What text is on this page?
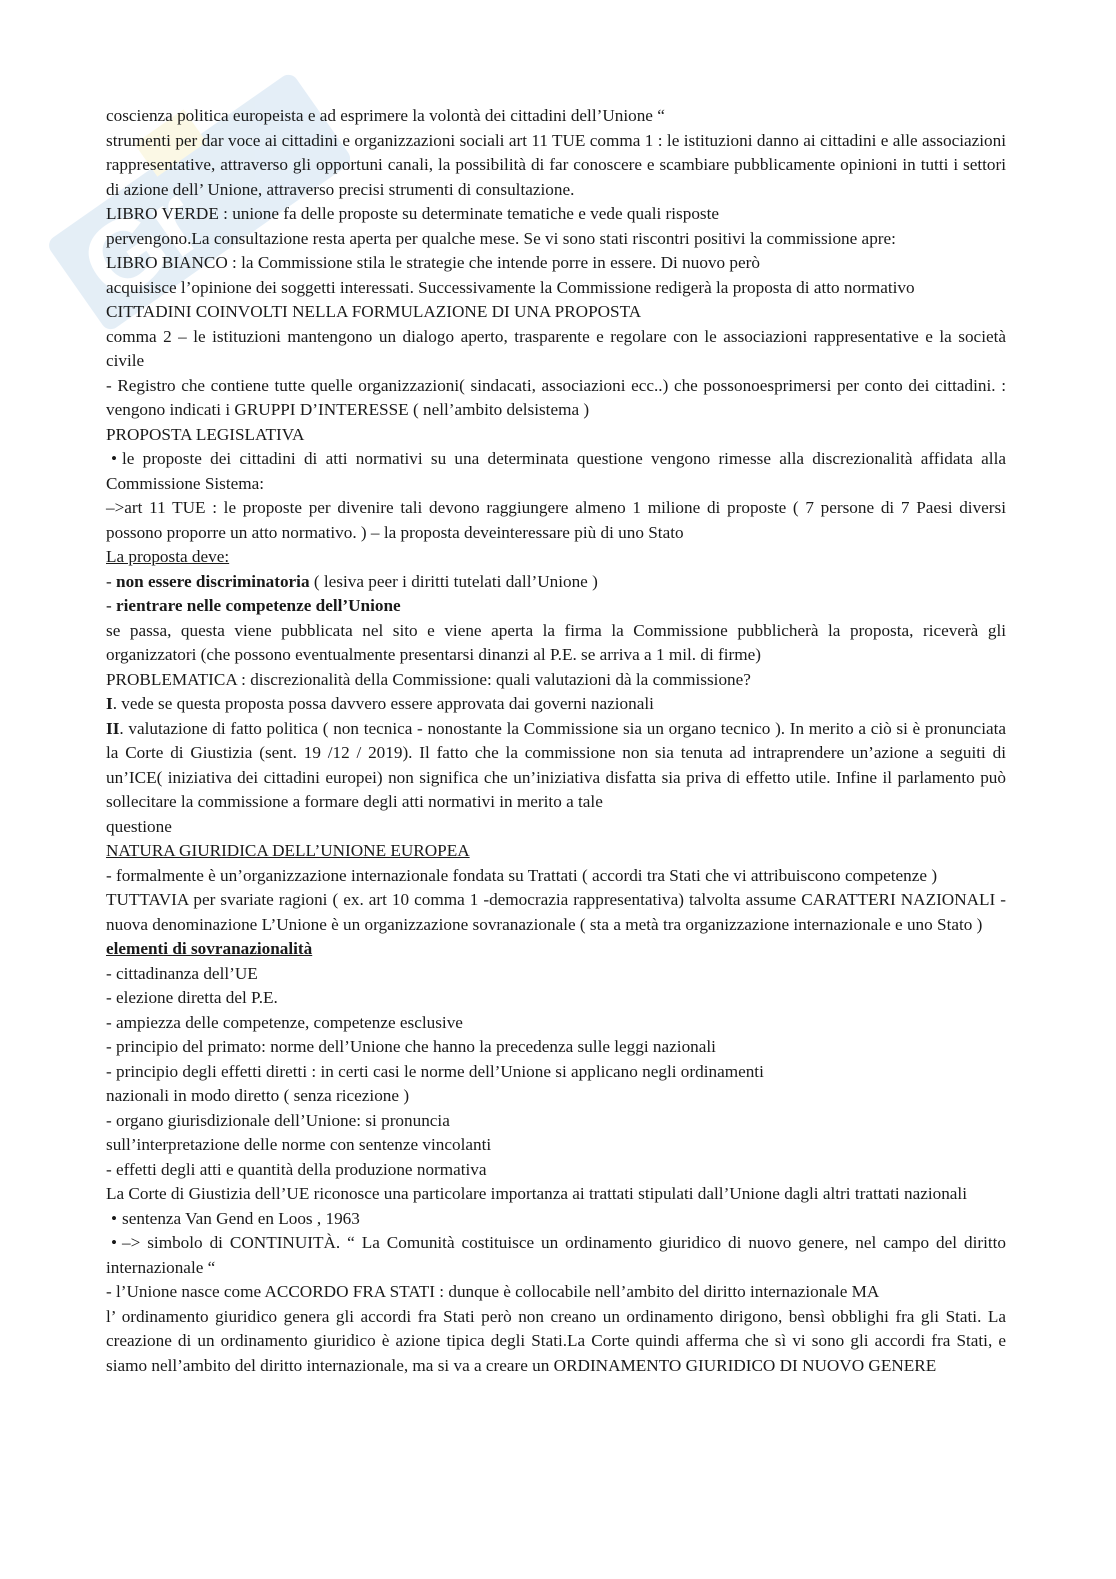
Gr
coscienza politica europeista e ad esprimere la volontà dei cittadini dell’Unione “
strumenti per dar voce ai cittadini e organizzazioni sociali art 11 TUE comma 1 : le istituzioni danno ai cittadini e alle associazioni rappresentative, attraverso gli opportuni canali, la possibilità di far conoscere e scambiare pubblicamente opinioni in tutti i settori di azione dell’ Unione, attraverso precisi strumenti di consultazione.
LIBRO VERDE : unione fa delle proposte su determinate tematiche e vede quali risposte
pervengono.La consultazione resta aperta per qualche mese. Se vi sono stati riscontri positivi la commissione apre:
LIBRO BIANCO : la Commissione stila le strategie che intende porre in essere. Di nuovo però
acquisisce l’opinione dei soggetti interessati. Successivamente la Commissione redigerà la proposta di atto normativo
CITTADINI COINVOLTI NELLA FORMULAZIONE DI UNA PROPOSTA
comma 2 – le istituzioni mantengono un dialogo aperto, trasparente e regolare con le associazioni rappresentative e la società civile
- Registro che contiene tutte quelle organizzazioni( sindacati, associazioni ecc..) che possonoesprimersi per conto dei cittadini. : vengono indicati i GRUPPI D’INTERESSE ( nell’ambito delsistema )
PROPOSTA LEGISLATIVA
• le proposte dei cittadini di atti normativi su una determinata questione vengono rimesse alla discrezionalità affidata alla Commissione Sistema:
–>art 11 TUE : le proposte per divenire tali devono raggiungere almeno 1 milione di proposte ( 7 persone di 7 Paesi diversi possono proporre un atto normativo. ) – la proposta deveinteressare più di uno Stato
La proposta deve:
- non essere discriminatoria ( lesiva peer i diritti tutelati dall’Unione )
- rientrare nelle competenze dell’Unione
se passa, questa viene pubblicata nel sito e viene aperta la firma la Commissione pubblicherà la proposta, riceverà gli organizzatori (che possono eventualmente presentarsi dinanzi al P.E. se arriva a 1 mil. di firme)
PROBLEMATICA : discrezionalità della Commissione: quali valutazioni dà la commissione?
I. vede se questa proposta possa davvero essere approvata dai governi nazionali
II. valutazione di fatto politica ( non tecnica - nonostante la Commissione sia un organo tecnico ). In merito a ciò si è pronunciata la Corte di Giustizia (sent. 19 /12 / 2019). Il fatto che la commissione non sia tenuta ad intraprendere un’azione a seguiti di un’ICE( iniziativa dei cittadini europei) non significa che un’iniziativa disfatta sia priva di effetto utile. Infine il parlamento può sollecitare la commissione a formare degli atti normativi in merito a tale
questione
NATURA GIURIDICA DELL’UNIONE EUROPEA
- formalmente è un’organizzazione internazionale fondata su Trattati ( accordi tra Stati che vi attribuiscono competenze )
TUTTAVIA per svariate ragioni ( ex. art 10 comma 1 -democrazia rappresentativa) talvolta assume CARATTERI NAZIONALI - nuova denominazione L’Unione è un organizzazione sovranazionale ( sta a metà tra organizzazione internazionale e uno Stato )
elementi di sovranazionalità
- cittadinanza dell’UE
- elezione diretta del P.E.
- ampiezza delle competenze, competenze esclusive
- principio del primato: norme dell’Unione che hanno la precedenza sulle leggi nazionali
- principio degli effetti diretti : in certi casi le norme dell’Unione si applicano negli ordinamenti
nazionali in modo diretto ( senza ricezione )
- organo giurisdizionale dell’Unione: si pronuncia
sull’interpretazione delle norme con sentenze vincolanti
- effetti degli atti e quantità della produzione normativa
La Corte di Giustizia dell’UE riconosce una particolare importanza ai trattati stipulati dall’Unione dagli altri trattati nazionali
• sentenza Van Gend en Loos , 1963
• –> simbolo di CONTINUITÀ. “ La Comunità costituisce un ordinamento giuridico di nuovo genere, nel campo del diritto internazionale “
- l’Unione nasce come ACCORDO FRA STATI : dunque è collocabile nell’ambito del diritto internazionale MA
l’ ordinamento giuridico genera gli accordi fra Stati però non creano un ordinamento dirigono, bensì obblighi fra gli Stati. La creazione di un ordinamento giuridico è azione tipica degli Stati.La Corte quindi afferma che sì vi sono gli accordi fra Stati, e siamo nell’ambito del diritto internazionale, ma si va a creare un ORDINAMENTO GIURIDICO DI NUOVO GENERE
